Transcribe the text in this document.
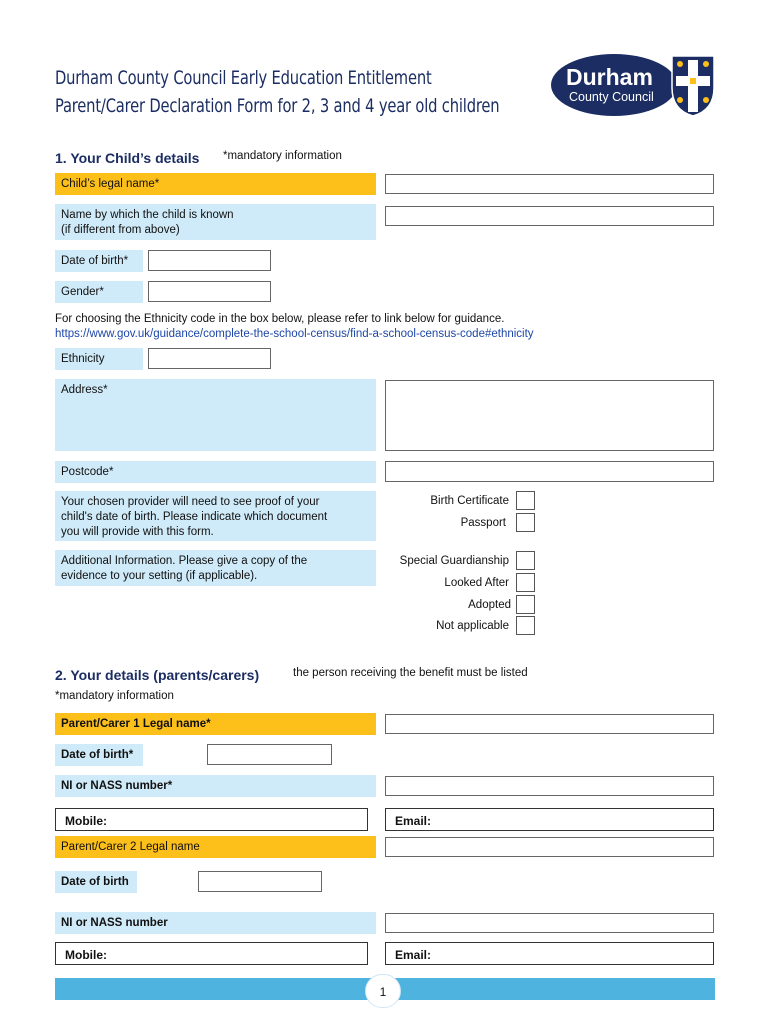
Durham County Council Early Education Entitlement
Parent/Carer Declaration Form for 2, 3 and 4 year old children
Durham
County Council
1. Your Child’s details *mandatory information
Child’s legal name*
Name by which the child is known
(if different from above)
Date of birth*
Gender*
For choosing the Ethnicity code in the box below, please refer to link below for guidance.
https://www.gov.uk/guidance/complete-the-school-census/find-a-school-census-code#ethnicity
Ethnicity
Address*
Postcode*
Your chosen provider will need to see proof of your
child's date of birth. Please indicate which document
you will provide with this form.
Birth Certificate
Passport
Additional Information. Please give a copy of the
evidence to your setting (if applicable).
Special Guardianship
Looked After
Adopted
Not applicable
2. Your details (parents/carers)	the person receiving the benefit must be listed
*mandatory information
Parent/Carer 1 Legal name*
Date of birth*
NI or NASS number*
Mobile:	Email:
Parent/Carer 2 Legal name
Date of birth
NI or NASS number
Mobile:	Email:
1
